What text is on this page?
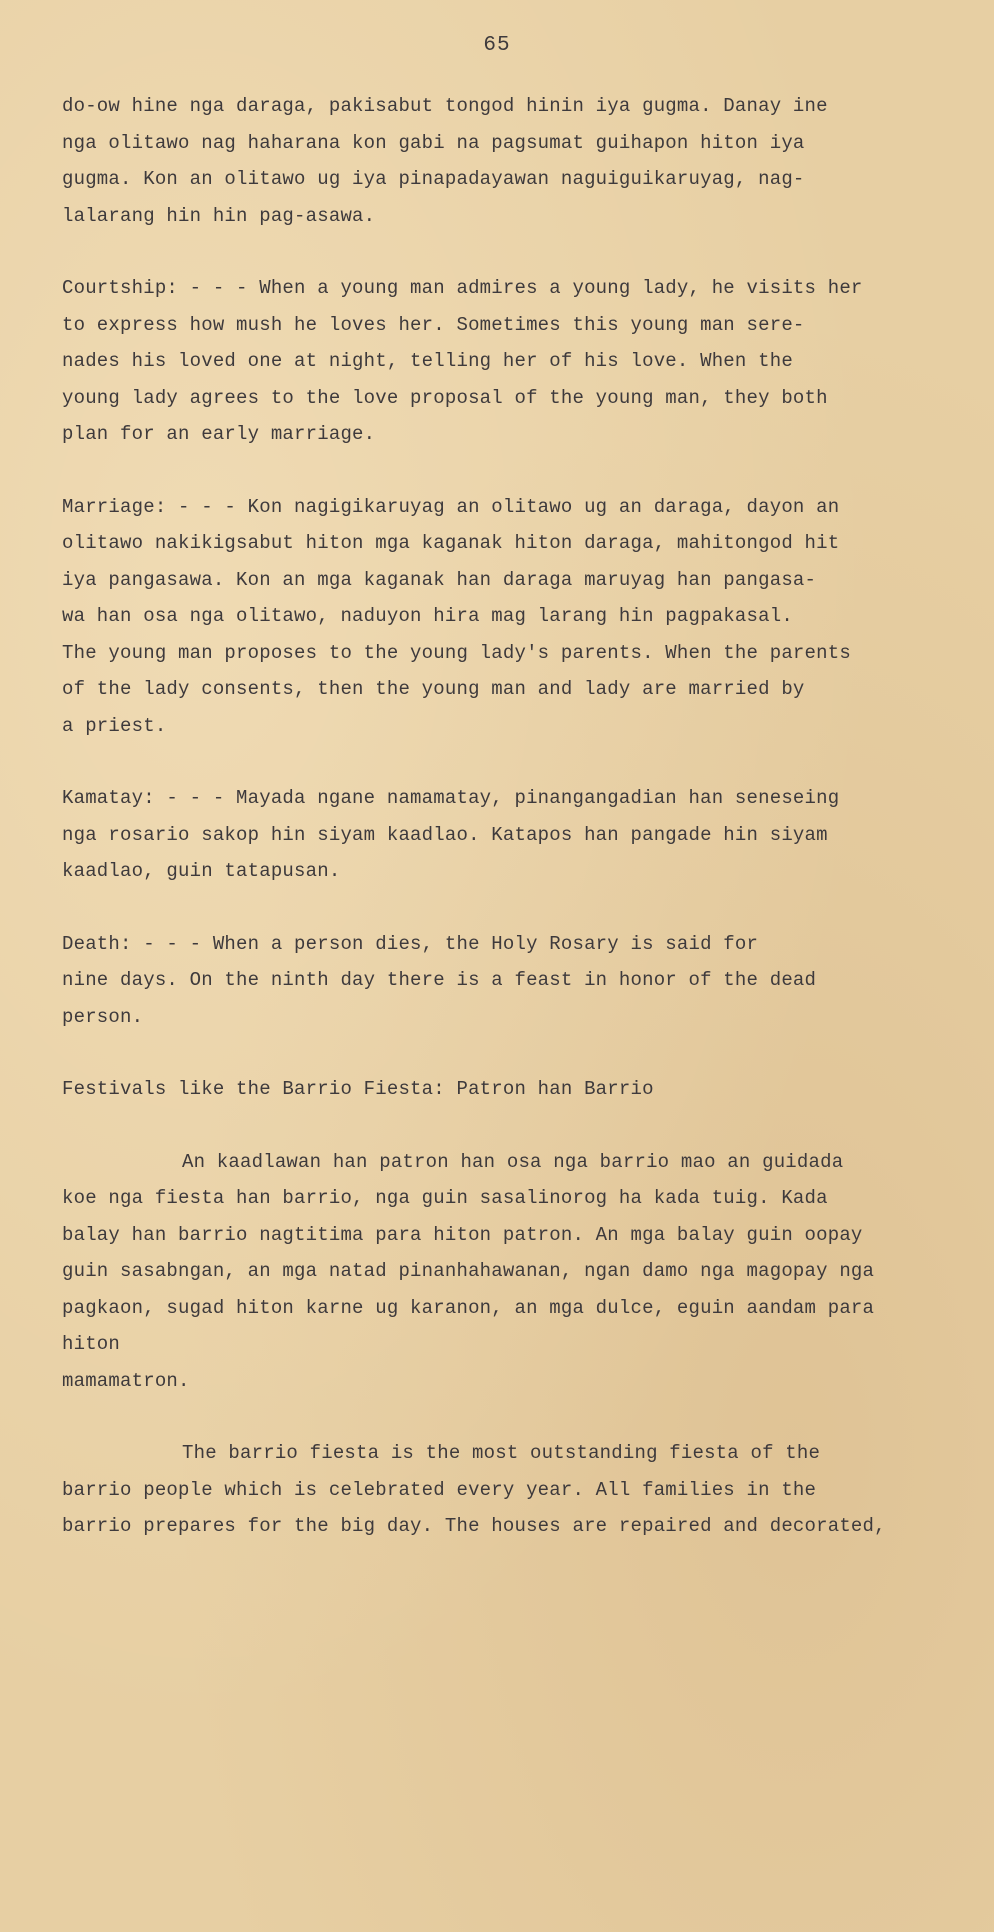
65

do-ow hine nga daraga, pakisabut tongod hinin iya gugma. Danay ine
nga olitawo nag haharana kon gabi na pagsumat guihapon hiton iya
gugma. Kon an olitawo ug iya pinapadayawan naguiguikaruyag, nag-
lalarang hin hin pag-asawa.

Courtship: - - - When a young man admires a young lady, he visits her
to express how mush he loves her. Sometimes this young man sere-
nades his loved one at night, telling her of his love. When the
young lady agrees to the love proposal of the young man, they both
plan for an early marriage.

Marriage: - - - Kon nagigikaruyag an olitawo ug an daraga, dayon an
olitawo nakikigsabut hiton mga kaganak hiton daraga, mahitongod hit
iya pangasawa. Kon an mga kaganak han daraga maruyag han pangasa-
wa han osa nga olitawo, naduyon hira mag larang hin pagpakasal.
The young man proposes to the young lady's parents. When the parents
of the lady consents, then the young man and lady are married by
a priest.

Kamatay: - - - Mayada ngane namamatay, pinangangadian han seneseing
nga rosario sakop hin siyam kaadlao. Katapos han pangade hin siyam
kaadlao, guin tatapusan.

Death: - - - When a person dies, the Holy Rosary is said for
nine days. On the ninth day there is a feast in honor of the dead
person.

Festivals like the Barrio Fiesta: Patron han Barrio

An kaadlawan han patron han osa nga barrio mao an guidada
koe nga fiesta han barrio, nga guin sasalinorog ha kada tuig. Kada
balay han barrio nagtitima para hiton patron. An mga balay guin oopay
guin sasabngan, an mga natad pinanhahawanan, ngan damo nga magopay nga
pagkaon, sugad hiton karne ug karanon, an mga dulce, eguin aandam para hiton
mamamatron.

The barrio fiesta is the most outstanding fiesta of the
barrio people which is celebrated every year. All families in the
barrio prepares for the big day. The houses are repaired and decorated,
